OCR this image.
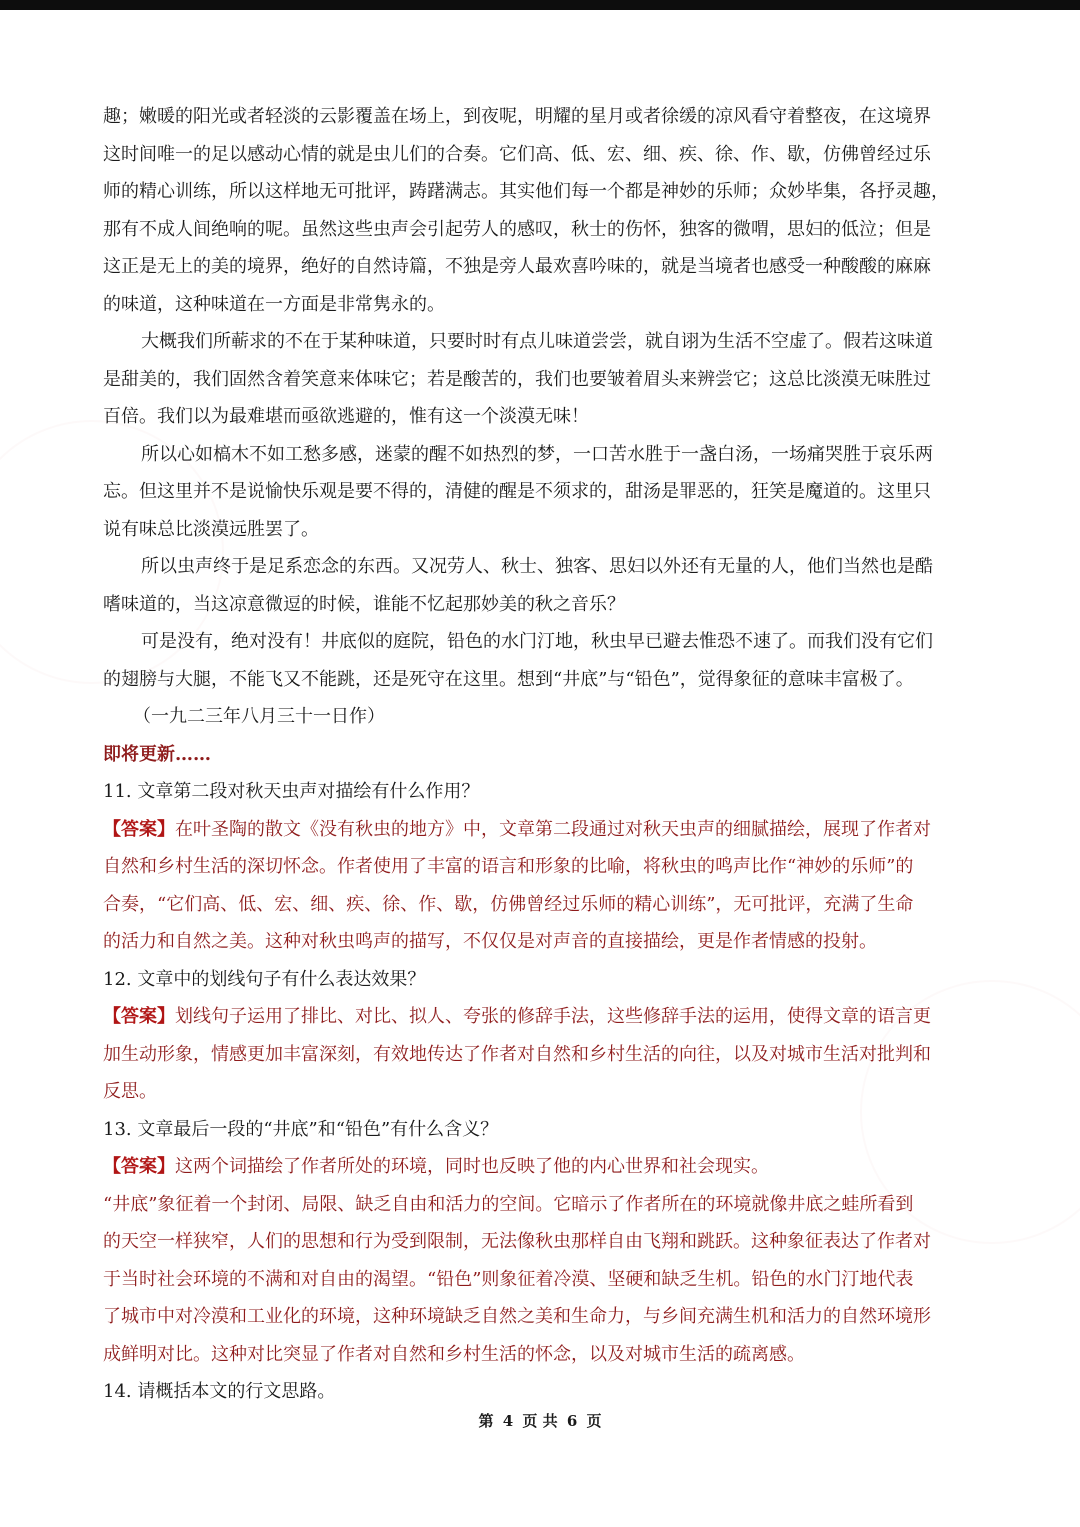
趣；嫩暖的阳光或者轻淡的云影覆盖在场上，到夜呢，明耀的星月或者徐缓的凉风看守着整夜，在这境界
这时间唯一的足以感动心情的就是虫儿们的合奏。它们高、低、宏、细、疾、徐、作、歇，仿佛曾经过乐
师的精心训练，所以这样地无可批评，踌躇满志。其实他们每一个都是神妙的乐师；众妙毕集，各抒灵趣，
那有不成人间绝响的呢。虽然这些虫声会引起劳人的感叹，秋士的伤怀，独客的微喟，思妇的低泣；但是
这正是无上的美的境界，绝好的自然诗篇，不独是旁人最欢喜吟味的，就是当境者也感受一种酸酸的麻麻
的味道，这种味道在一方面是非常隽永的。
大概我们所蕲求的不在于某种味道，只要时时有点儿味道尝尝，就自诩为生活不空虚了。假若这味道
是甜美的，我们固然含着笑意来体味它；若是酸苦的，我们也要皱着眉头来辨尝它；这总比淡漠无味胜过
百倍。我们以为最难堪而亟欲逃避的，惟有这一个淡漠无味！
所以心如槁木不如工愁多感，迷蒙的醒不如热烈的梦，一口苦水胜于一盏白汤，一场痛哭胜于哀乐两
忘。但这里并不是说愉快乐观是要不得的，清健的醒是不须求的，甜汤是罪恶的，狂笑是魔道的。这里只
说有味总比淡漠远胜罢了。
所以虫声终于是足系恋念的东西。又况劳人、秋士、独客、思妇以外还有无量的人，他们当然也是酷
嗜味道的，当这凉意微逗的时候，谁能不忆起那妙美的秋之音乐？
可是没有，绝对没有！井底似的庭院，铅色的水门汀地，秋虫早已避去惟恐不速了。而我们没有它们
的翅膀与大腿，不能飞又不能跳，还是死守在这里。想到“井底”与“铅色”，觉得象征的意味丰富极了。
（一九二三年八月三十一日作）
即将更新……
11. 文章第二段对秋天虫声对描绘有什么作用？
【答案】在叶圣陶的散文《没有秋虫的地方》中，文章第二段通过对秋天虫声的细腻描绘，展现了作者对
自然和乡村生活的深切怀念。作者使用了丰富的语言和形象的比喻，将秋虫的鸣声比作“神妙的乐师”的
合奏，“它们高、低、宏、细、疾、徐、作、歇，仿佛曾经过乐师的精心训练”，无可批评，充满了生命
的活力和自然之美。这种对秋虫鸣声的描写，不仅仅是对声音的直接描绘，更是作者情感的投射。
12. 文章中的划线句子有什么表达效果？
【答案】划线句子运用了排比、对比、拟人、夸张的修辞手法，这些修辞手法的运用，使得文章的语言更
加生动形象，情感更加丰富深刻，有效地传达了作者对自然和乡村生活的向往，以及对城市生活对批判和
反思。
13. 文章最后一段的“井底”和“铅色”有什么含义？
【答案】这两个词描绘了作者所处的环境，同时也反映了他的内心世界和社会现实。
“井底”象征着一个封闭、局限、缺乏自由和活力的空间。它暗示了作者所在的环境就像井底之蛙所看到
的天空一样狭窄，人们的思想和行为受到限制，无法像秋虫那样自由飞翔和跳跃。这种象征表达了作者对
于当时社会环境的不满和对自由的渴望。“铅色”则象征着冷漠、坚硬和缺乏生机。铅色的水门汀地代表
了城市中对冷漠和工业化的环境，这种环境缺乏自然之美和生命力，与乡间充满生机和活力的自然环境形
成鲜明对比。这种对比突显了作者对自然和乡村生活的怀念，以及对城市生活的疏离感。
14. 请概括本文的行文思路。
第 4 页 共 6 页
